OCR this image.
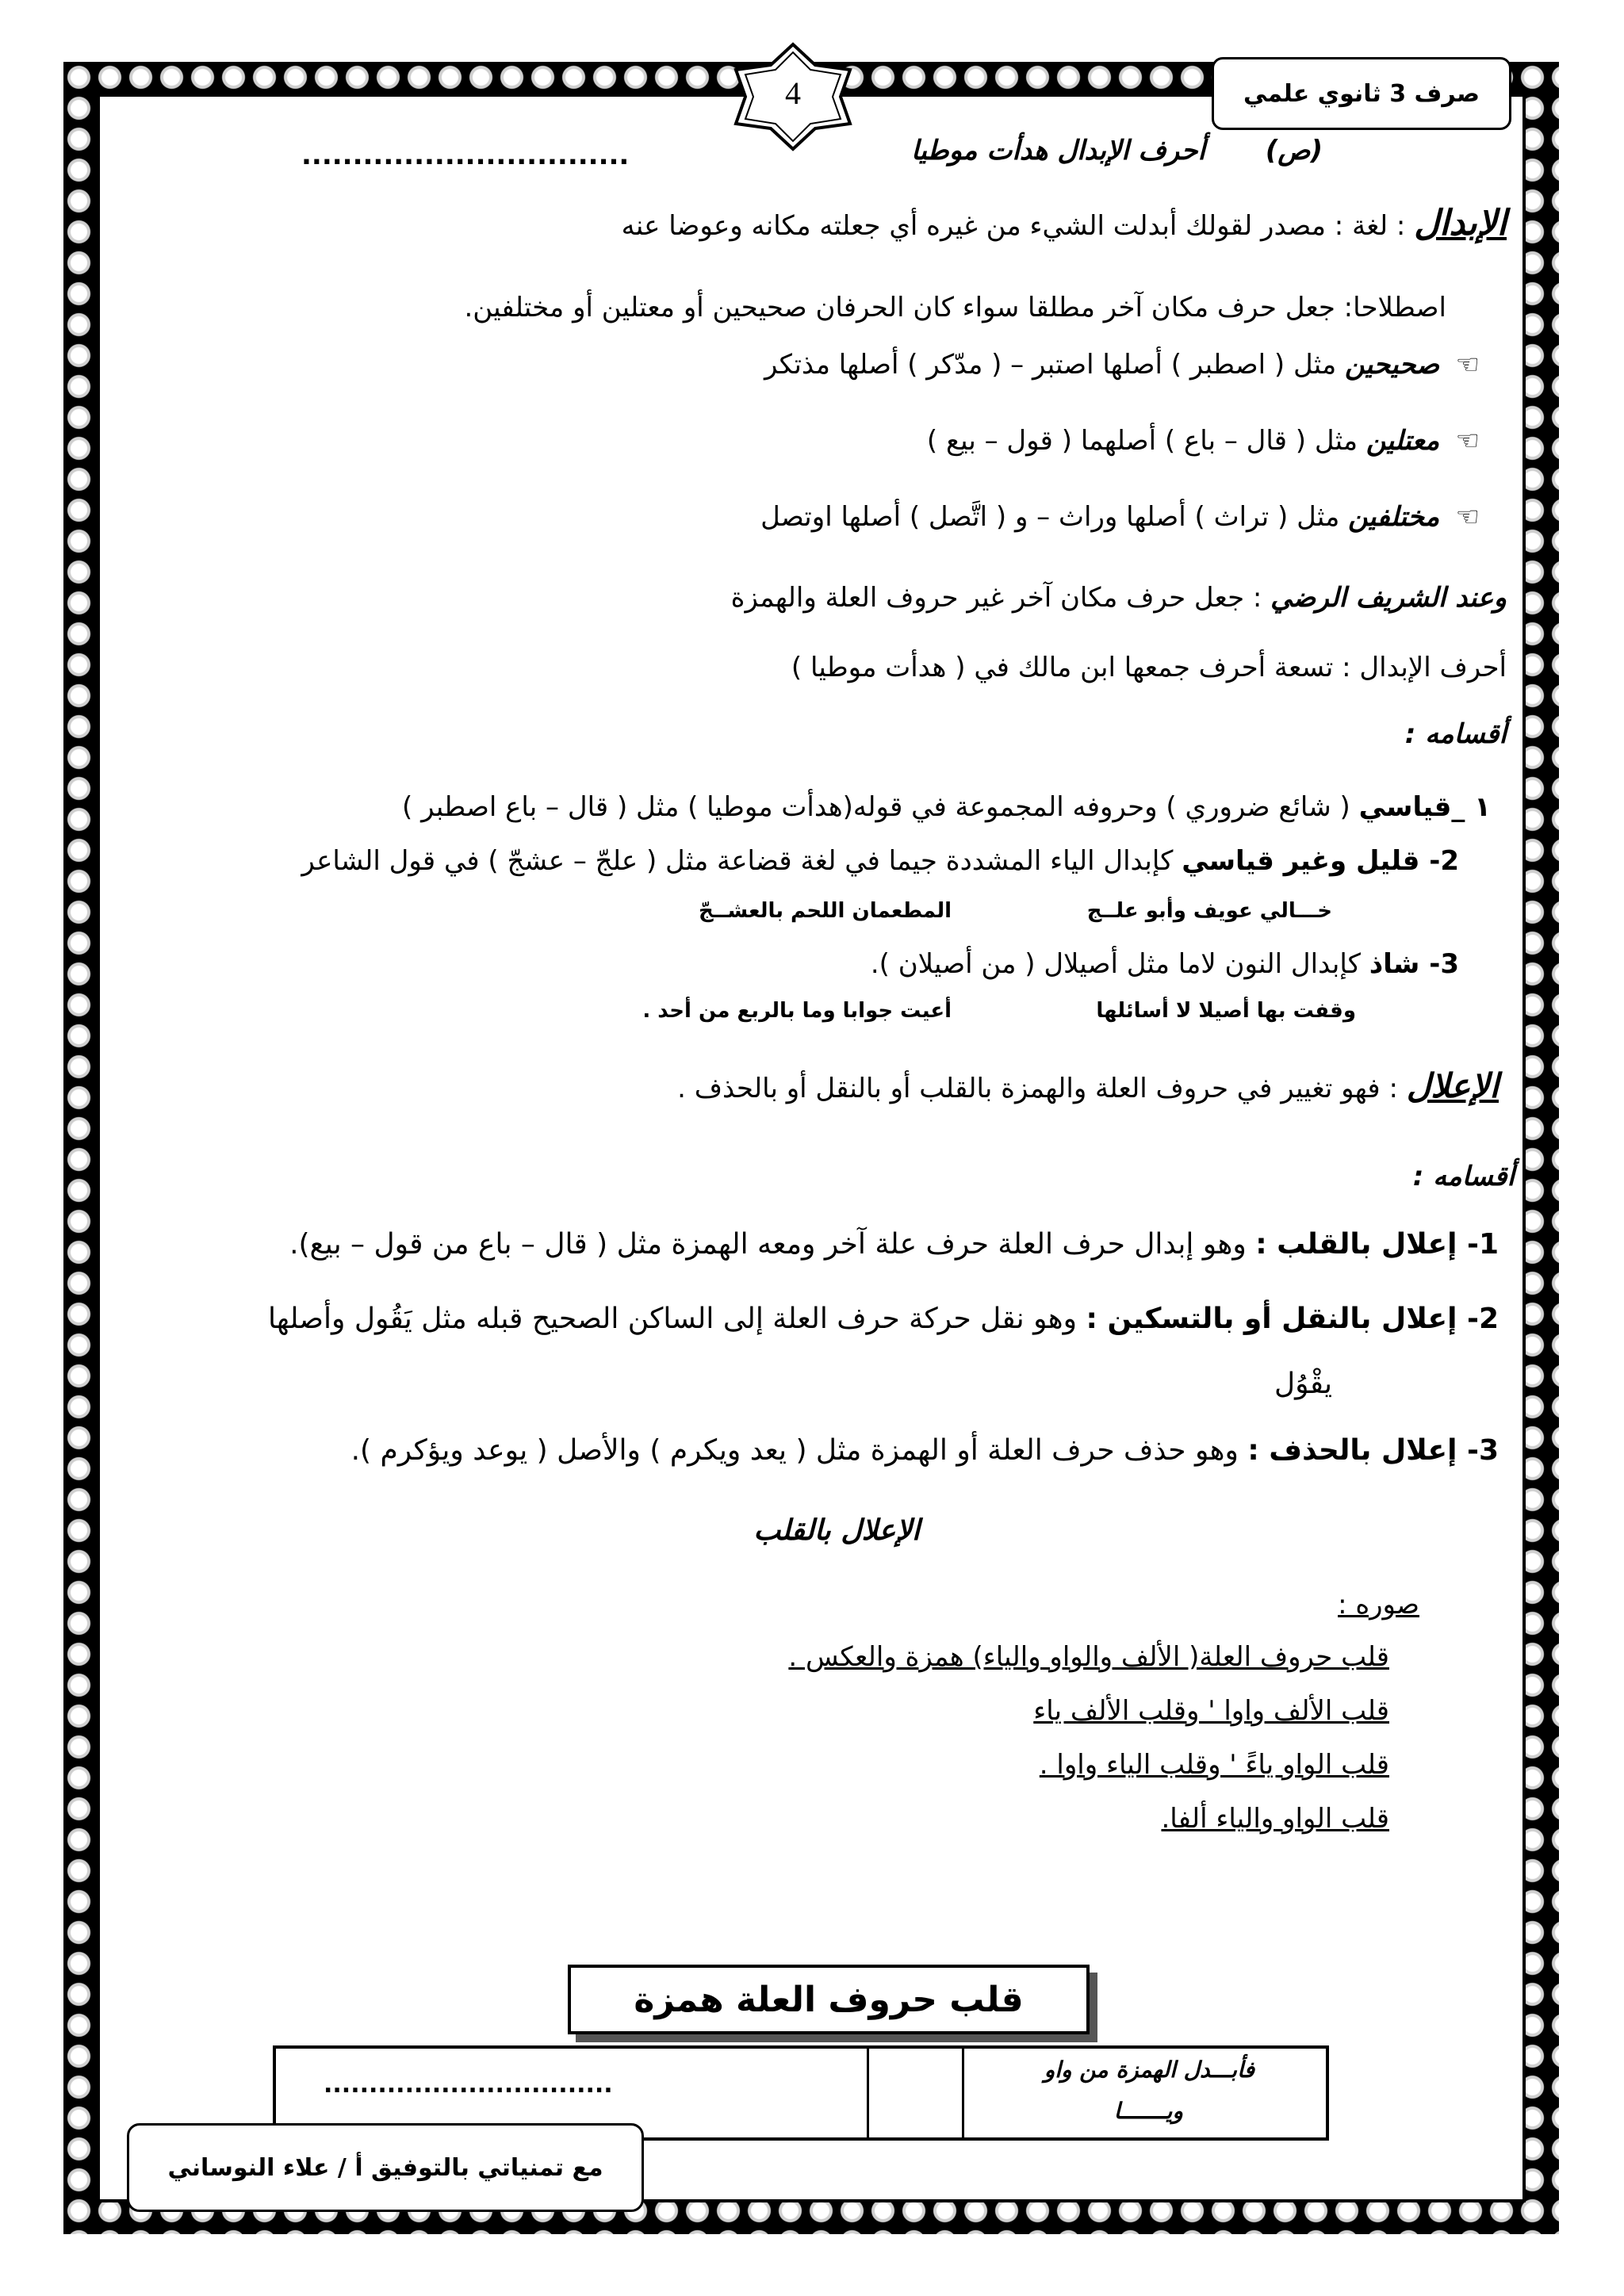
صرف 3 ثانوي علمي
4
(ص)
أحرف الإبدال هدأت موطيا
................................
الإبدال : لغة : مصدر لقولك أبدلت الشيء من غيره أي جعلته مكانه وعوضا عنه
اصطلاحا: جعل حرف مكان آخر مطلقا سواء كان الحرفان صحيحين أو معتلين أو مختلفين.
☜ صحيحين مثل ( اصطبر ) أصلها اصتبر – ( مدّكر ) أصلها مذتكر
☜ معتلين مثل ( قال – باع ) أصلهما ( قول – بيع )
☜ مختلفين مثل ( تراث ) أصلها وراث – و ( اتَّصل ) أصلها اوتصل
وعند الشريف الرضي : جعل حرف مكان آخر غير حروف العلة والهمزة
أحرف الإبدال : تسعة أحرف جمعها ابن مالك في ( هدأت موطيا )
أقسامه :
١ _قياسي ( شائع ضروري ) وحروفه المجموعة في قوله(هدأت موطيا ) مثل ( قال – باع اصطبر )
2- قليل وغير قياسي كإبدال الياء المشددة جيما في لغة قضاعة مثل ( علجّ – عشجّ ) في قول الشاعر
خـــالي عويف وأبو علــج
المطعمان اللحم بالعشــجّ
3- شاذ كإبدال النون لاما مثل أصيلال ( من أصيلان ).
وقفت بها أصيلا لا أسائلها
أعيت جوابا وما بالربع من أحد .
الإعلال : فهو تغيير في حروف العلة والهمزة بالقلب أو بالنقل أو بالحذف .
أقسامه :
1- إعلال بالقلب : وهو إبدال حرف العلة حرف علة آخر ومعه الهمزة مثل ( قال – باع من قول – بيع).
2- إعلال بالنقل أو بالتسكين : وهو نقل حركة حرف العلة إلى الساكن الصحيح قبله مثل يَقُول وأصلها
يقْوُل
3- إعلال بالحذف : وهو حذف حرف العلة أو الهمزة مثل ( يعد ويكرم ) والأصل ( يوعد ويؤكرم ).
الإعلال بالقلب
صوره :
قلب حروف العلة( الألف والواو والياء) همزة والعكس .
قلب الألف واوا ' وقلب الألف ياء
قلب الواو ياءً ' وقلب الياء واوا .
قلب الواو والياء ألفا.
قلب حروف العلة همزة
................................
فأبـــدل الهمزة من واو
ويـــــــا
مع تمنياتي بالتوفيق أ / علاء النوساني
